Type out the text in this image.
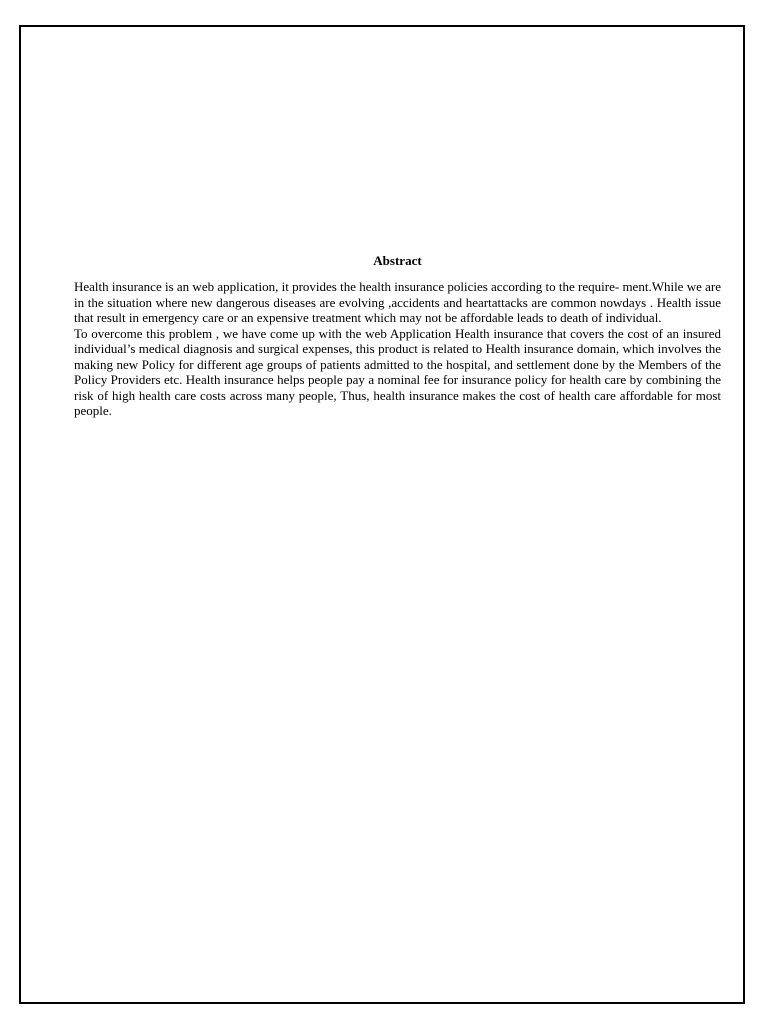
Abstract

Health insurance is an web application, it provides the health insurance policies according to the require- ment.While we are in the situation where new dangerous diseases are evolving ,accidents and heartattacks are common nowdays . Health issue that result in emergency care or an expensive treatment which may not be affordable leads to death of individual.

To overcome this problem , we have come up with the web Application Health insurance that covers the cost of an insured individual’s medical diagnosis and surgical expenses, this product is related to Health insurance domain, which involves the making new Policy for different age groups of patients admitted to the hospital, and settlement done by the Members of the Policy Providers etc. Health insurance helps people pay a nominal fee for insurance policy for health care by combining the risk of high health care costs across many people, Thus, health insurance makes the cost of health care affordable for most people.
